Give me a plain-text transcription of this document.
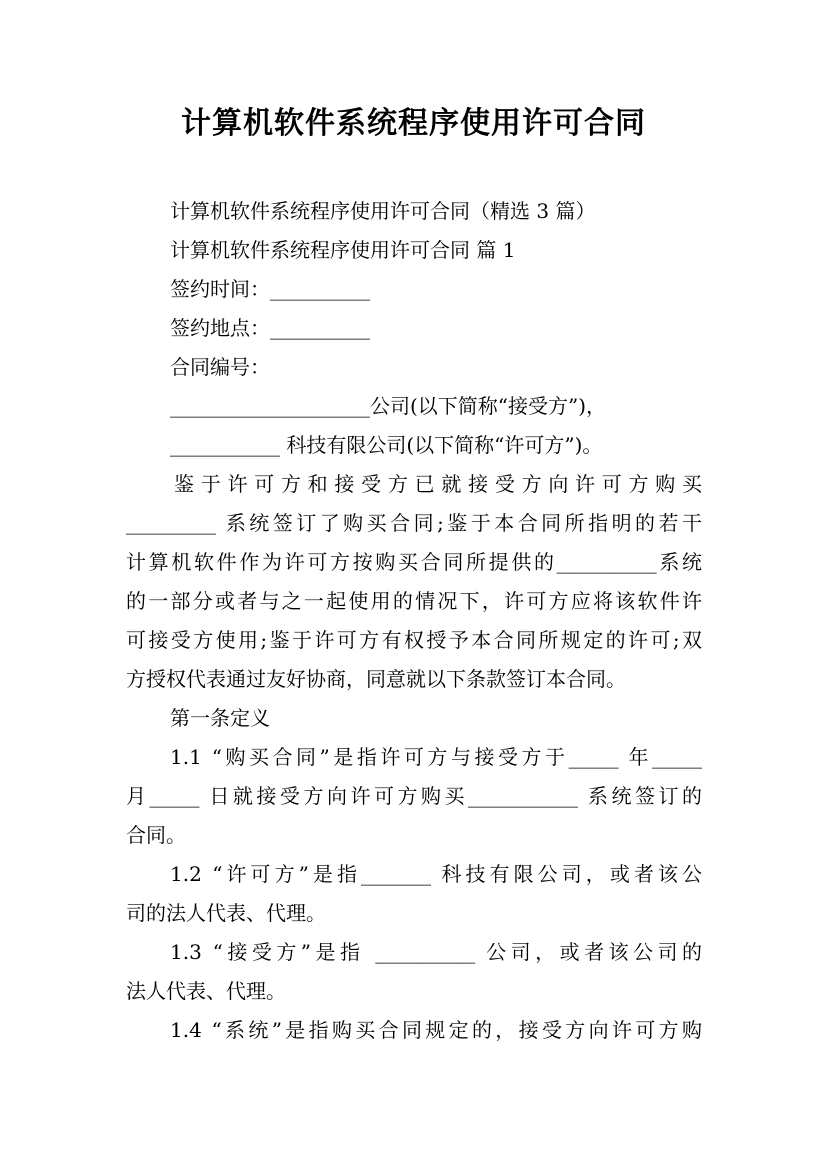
计算机软件系统程序使用许可合同
计算机软件系统程序使用许可合同（精选 3 篇）
计算机软件系统程序使用许可合同 篇 1
签约时间：__________
签约地点：__________
合同编号：
____________________公司(以下简称“接受方”)，
___________ 科技有限公司(以下简称“许可方”)。
鉴于许可方和接受方已就接受方向许可方购买
_________ 系统签订了购买合同;鉴于本合同所指明的若干
计算机软件作为许可方按购买合同所提供的__________系统
的一部分或者与之一起使用的情况下，许可方应将该软件许
可接受方使用;鉴于许可方有权授予本合同所规定的许可;双
方授权代表通过友好协商，同意就以下条款签订本合同。
第一条定义
1.1 “购买合同”是指许可方与接受方于_____ 年_____
月_____ 日就接受方向许可方购买___________ 系统签订的
合同。
1.2 “许可方”是指_______ 科技有限公司，或者该公
司的法人代表、代理。
1.3 “接受方”是指 __________ 公司，或者该公司的
法人代表、代理。
1.4 “系统”是指购买合同规定的，接受方向许可方购
